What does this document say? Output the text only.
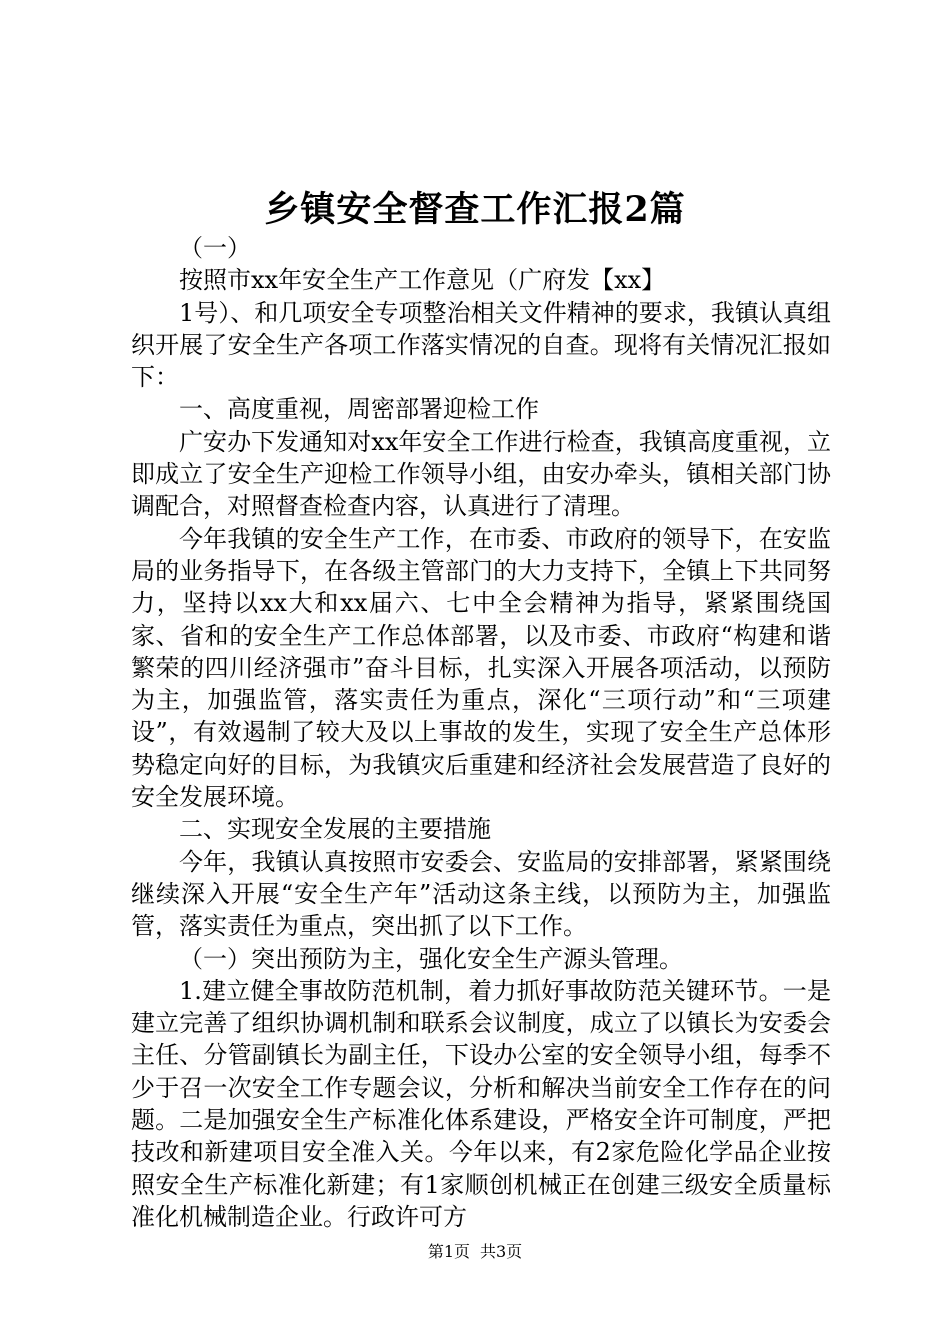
乡镇安全督查工作汇报2篇

（一）

按照市xx年安全生产工作意见（广府发【xx】

1号）、和几项安全专项整治相关文件精神的要求，我镇认真组织开展了安全生产各项工作落实情况的自查。现将有关情况汇报如下：

一、高度重视，周密部署迎检工作

广安办下发通知对xx年安全工作进行检查，我镇高度重视，立即成立了安全生产迎检工作领导小组，由安办牵头，镇相关部门协调配合，对照督查检查内容，认真进行了清理。

今年我镇的安全生产工作，在市委、市政府的领导下，在安监局的业务指导下，在各级主管部门的大力支持下，全镇上下共同努力，坚持以xx大和xx届六、七中全会精神为指导，紧紧围绕国家、省和的安全生产工作总体部署，以及市委、市政府“构建和谐繁荣的四川经济强市”奋斗目标，扎实深入开展各项活动，以预防为主，加强监管，落实责任为重点，深化“三项行动”和“三项建设”，有效遏制了较大及以上事故的发生，实现了安全生产总体形势稳定向好的目标，为我镇灾后重建和经济社会发展营造了良好的安全发展环境。

二、实现安全发展的主要措施

今年，我镇认真按照市安委会、安监局的安排部署，紧紧围绕继续深入开展“安全生产年”活动这条主线，以预防为主，加强监管，落实责任为重点，突出抓了以下工作。

（一）突出预防为主，强化安全生产源头管理。

1.建立健全事故防范机制，着力抓好事故防范关键环节。一是建立完善了组织协调机制和联系会议制度，成立了以镇长为安委会主任、分管副镇长为副主任，下设办公室的安全领导小组，每季不少于召一次安全工作专题会议，分析和解决当前安全工作存在的问题。二是加强安全生产标准化体系建设，严格安全许可制度，严把技改和新建项目安全准入关。今年以来，有2家危险化学品企业按照安全生产标准化新建；有1家顺创机械正在创建三级安全质量标准化机械制造企业。行政许可方

第1页 共3页
